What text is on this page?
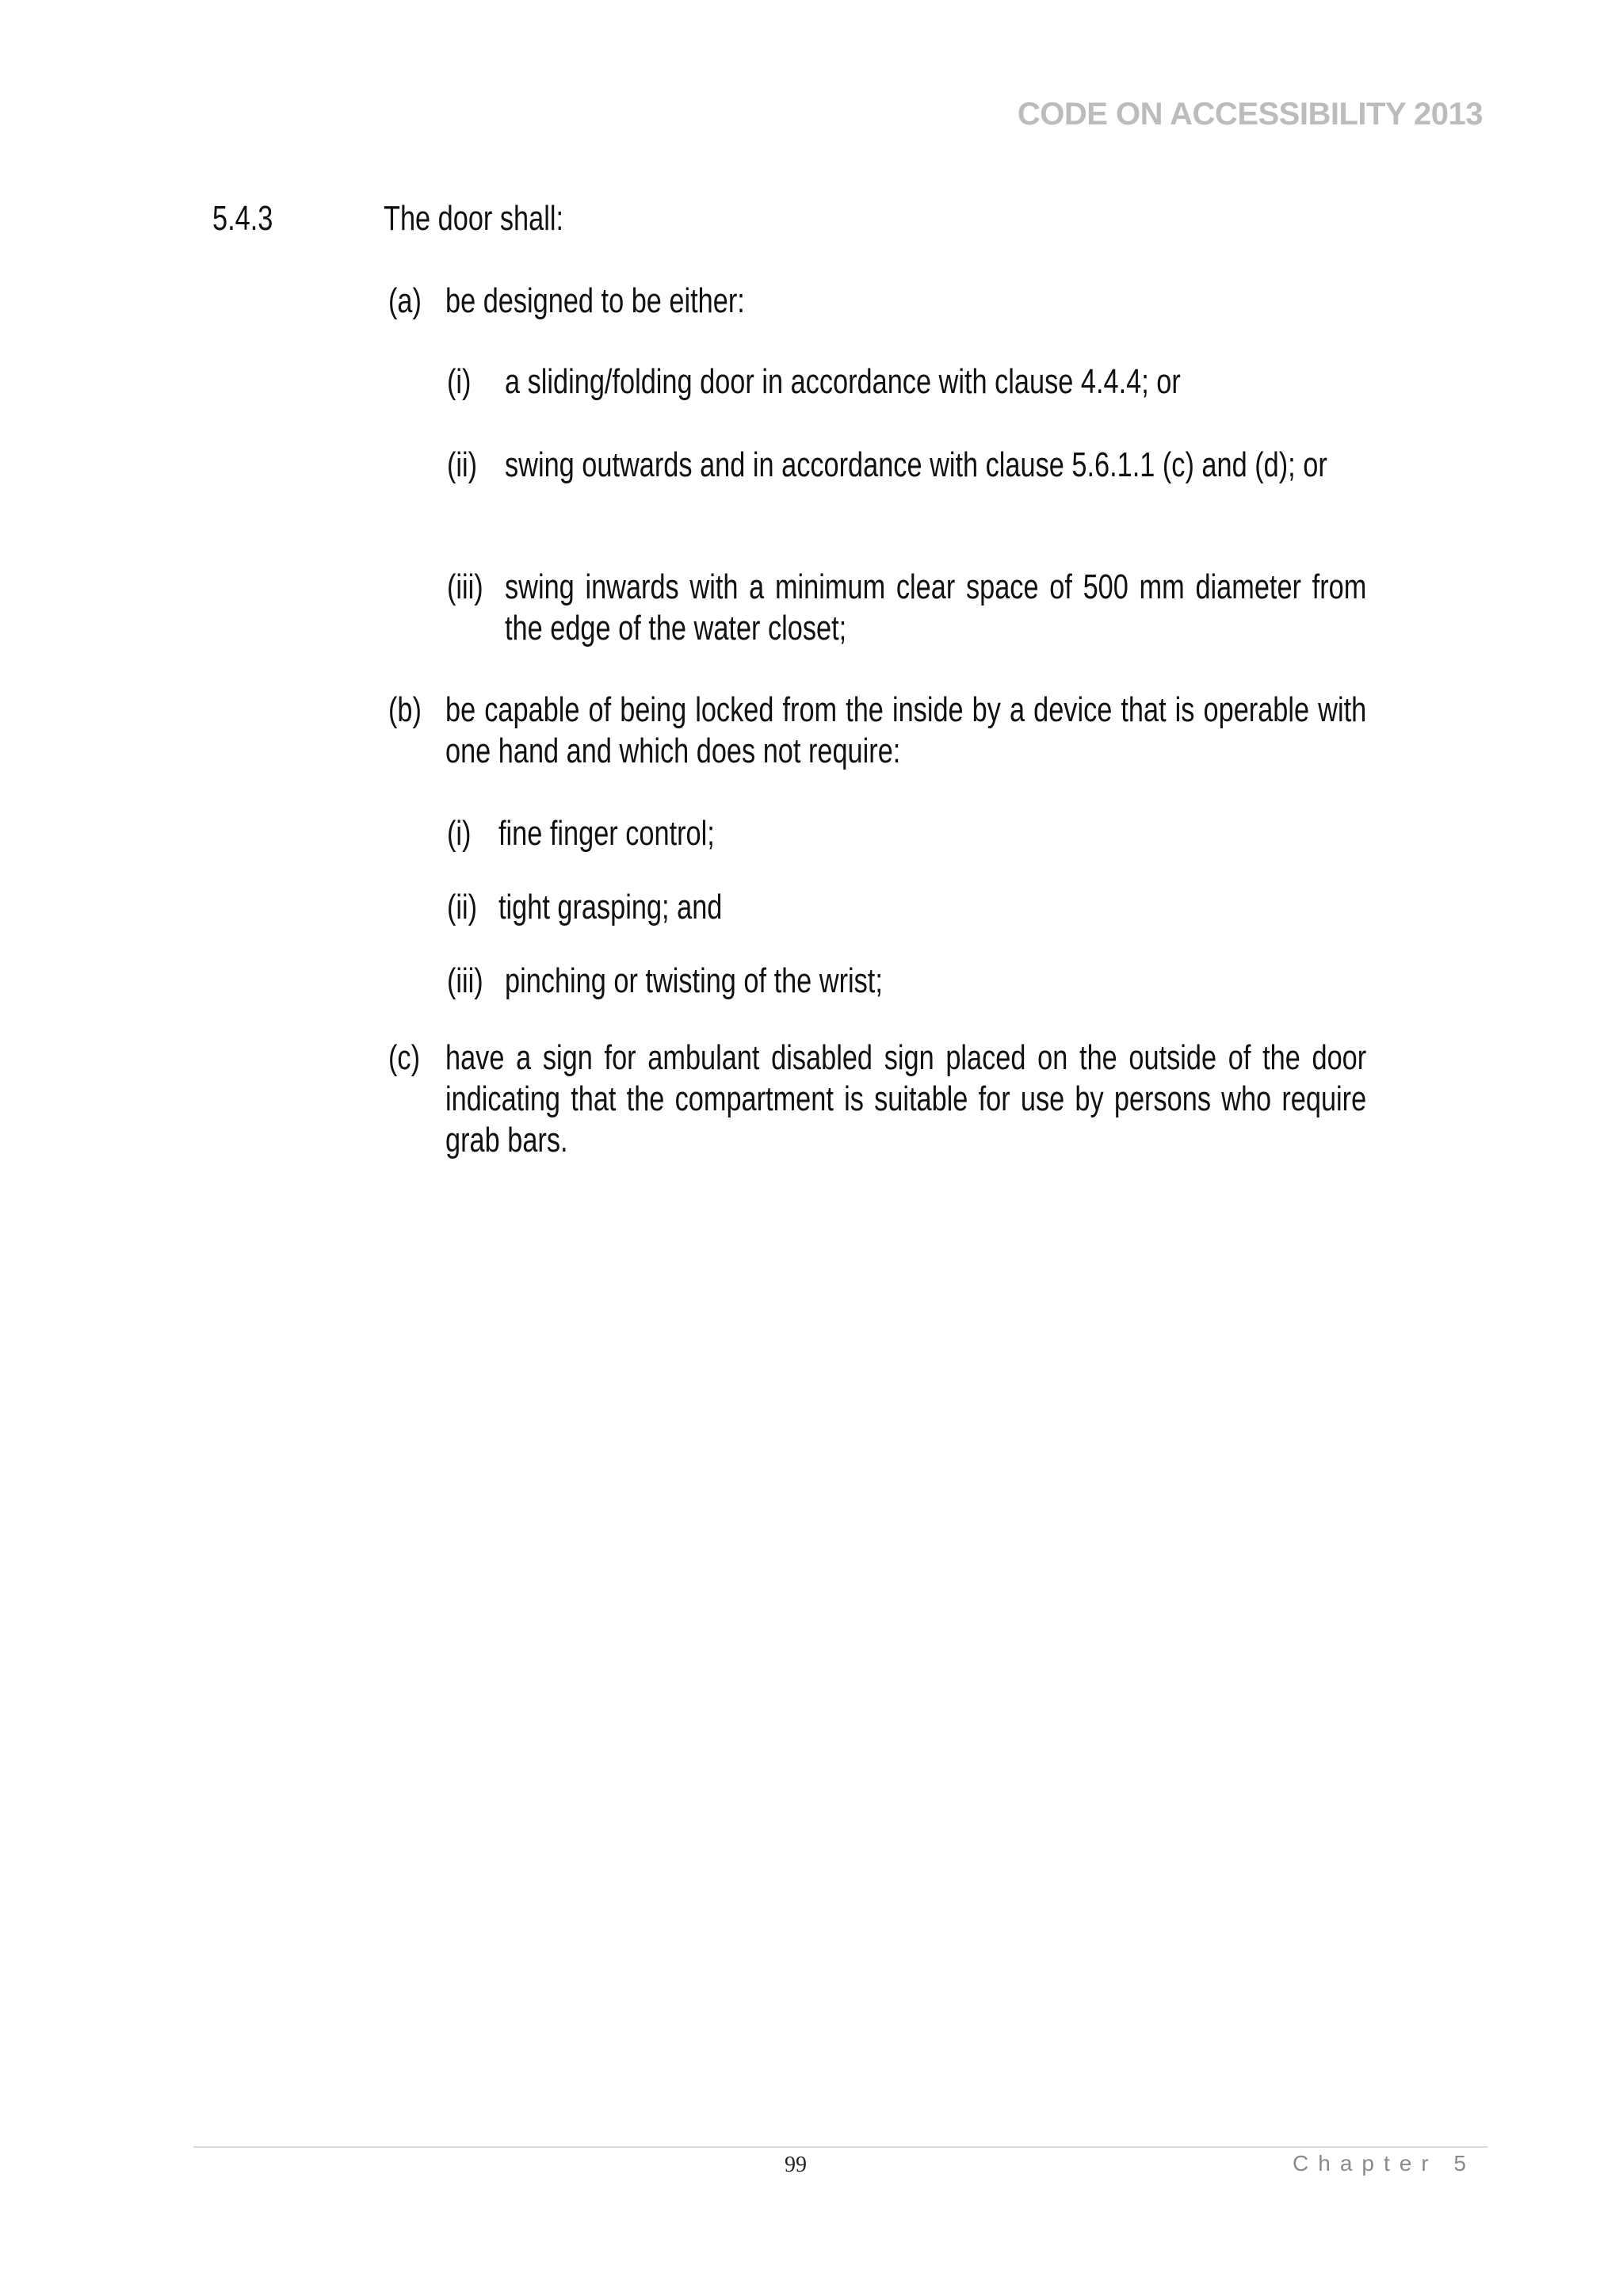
CODE ON ACCESSIBILITY 2013
5.4.3	The door shall:
(a) be designed to be either:
(i) a sliding/folding door in accordance with clause 4.4.4; or
(ii) swing outwards and in accordance with clause 5.6.1.1 (c) and (d); or
(iii) swing inwards with a minimum clear space of 500 mm diameter from the edge of the water closet;
(b) be capable of being locked from the inside by a device that is operable with one hand and which does not require:
(i) fine finger control;
(ii) tight grasping; and
(iii) pinching or twisting of the wrist;
(c) have a sign for ambulant disabled sign placed on the outside of the door indicating that the compartment is suitable for use by persons who require grab bars.
99	Chapter 5
